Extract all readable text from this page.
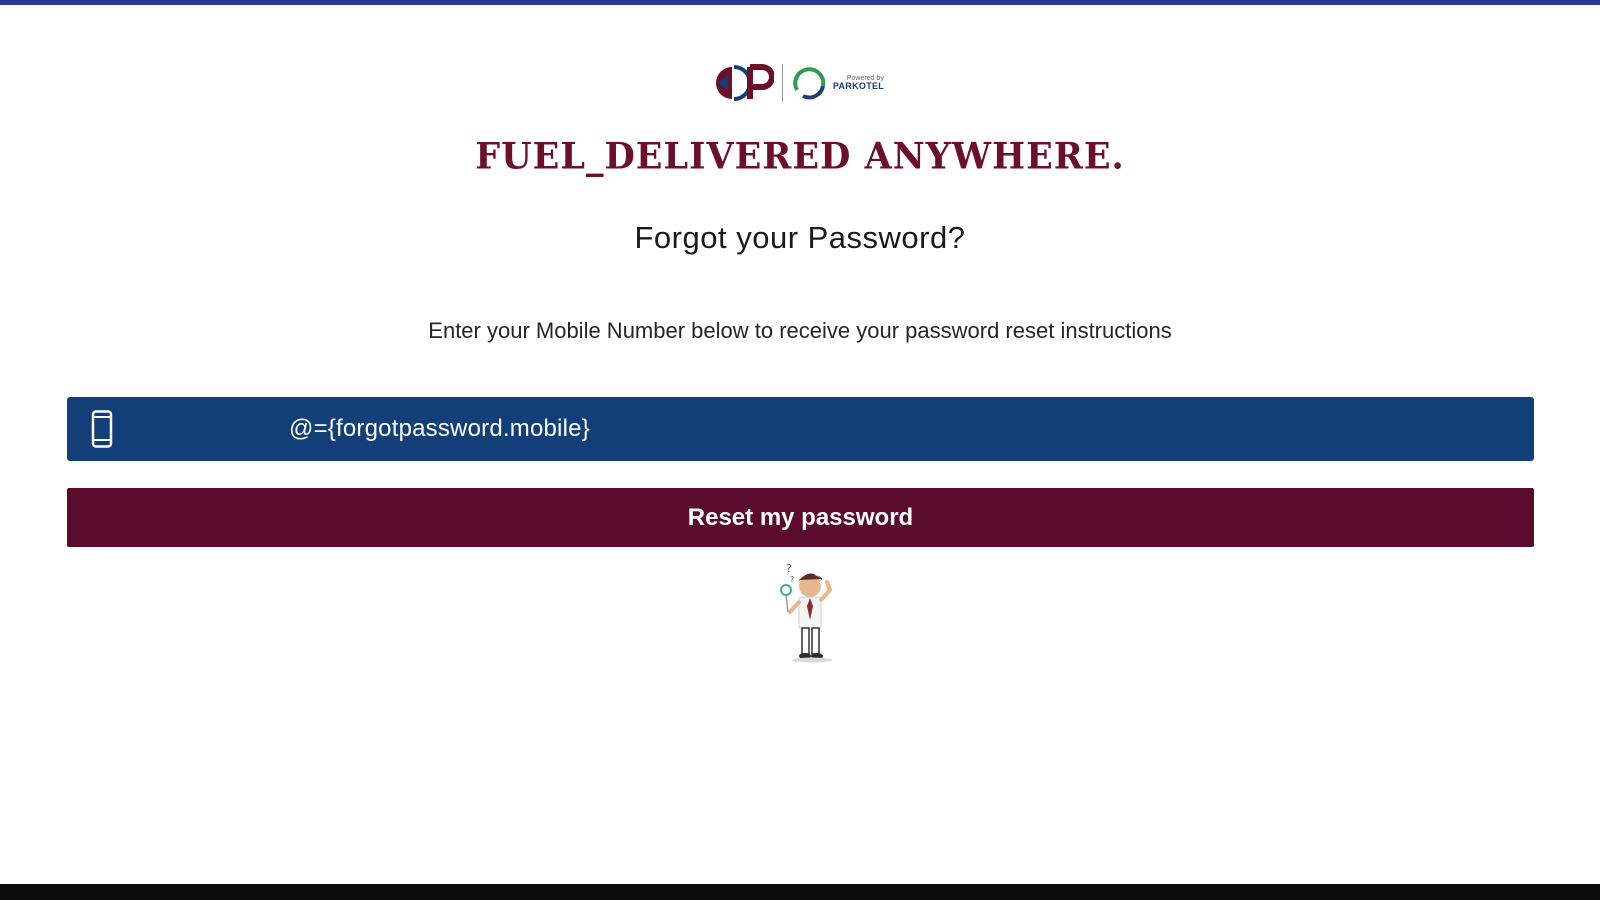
Powered by
PARKOTEL
FUEL_DELIVERED ANYWHERE.
Forgot your Password?
Enter your Mobile Number below to receive your password reset instructions
@={forgotpassword.mobile}
Reset my password
?
?
